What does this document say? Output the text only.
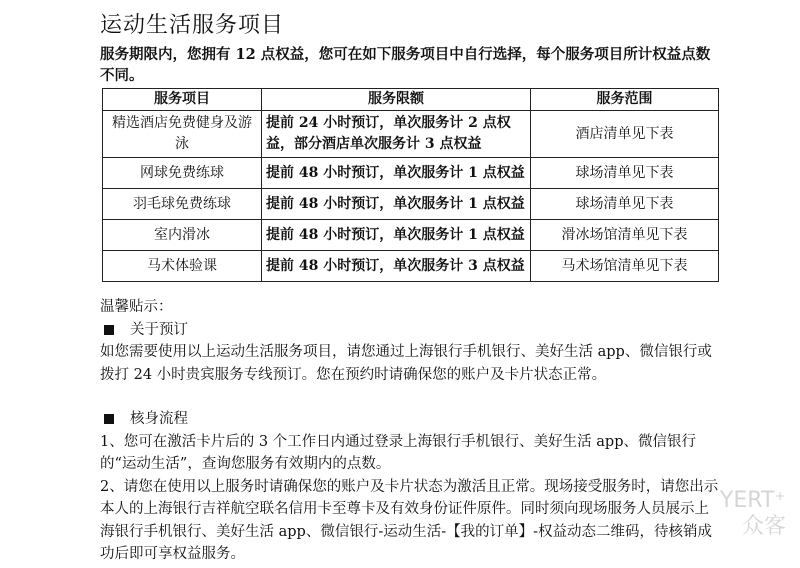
运动生活服务项目
服务期限内，您拥有 12 点权益，您可在如下服务项目中自行选择，每个服务项目所计权益点数不同。
服务项目	服务限额	服务范围
精选酒店免费健身及游泳	提前 24 小时预订，单次服务计 2 点权益，部分酒店单次服务计 3 点权益	酒店清单见下表
网球免费练球	提前 48 小时预订，单次服务计 1 点权益	球场清单见下表
羽毛球免费练球	提前 48 小时预订，单次服务计 1 点权益	球场清单见下表
室内滑冰	提前 48 小时预订，单次服务计 1 点权益	滑冰场馆清单见下表
马术体验课	提前 48 小时预订，单次服务计 3 点权益	马术场馆清单见下表

温馨贴示：

关于预订

如您需要使用以上运动生活服务项目，请您通过上海银行手机银行、美好生活 app、微信银行或拨打 24 小时贵宾服务专线预订。您在预约时请确保您的账户及卡片状态正常。

核身流程

1、您可在激活卡片后的 3 个工作日内通过登录上海银行手机银行、美好生活 app、微信银行的“运动生活”，查询您服务有效期内的点数。

2、请您在使用以上服务时请确保您的账户及卡片状态为激活且正常。现场接受服务时，请您出示本人的上海银行吉祥航空联名信用卡至尊卡及有效身份证件原件。同时须向现场服务人员展示上海银行手机银行、美好生活 app、微信银行-运动生活-【我的订单】-权益动态二维码，待核销成功后即可享权益服务。

YERT⁺
众客
